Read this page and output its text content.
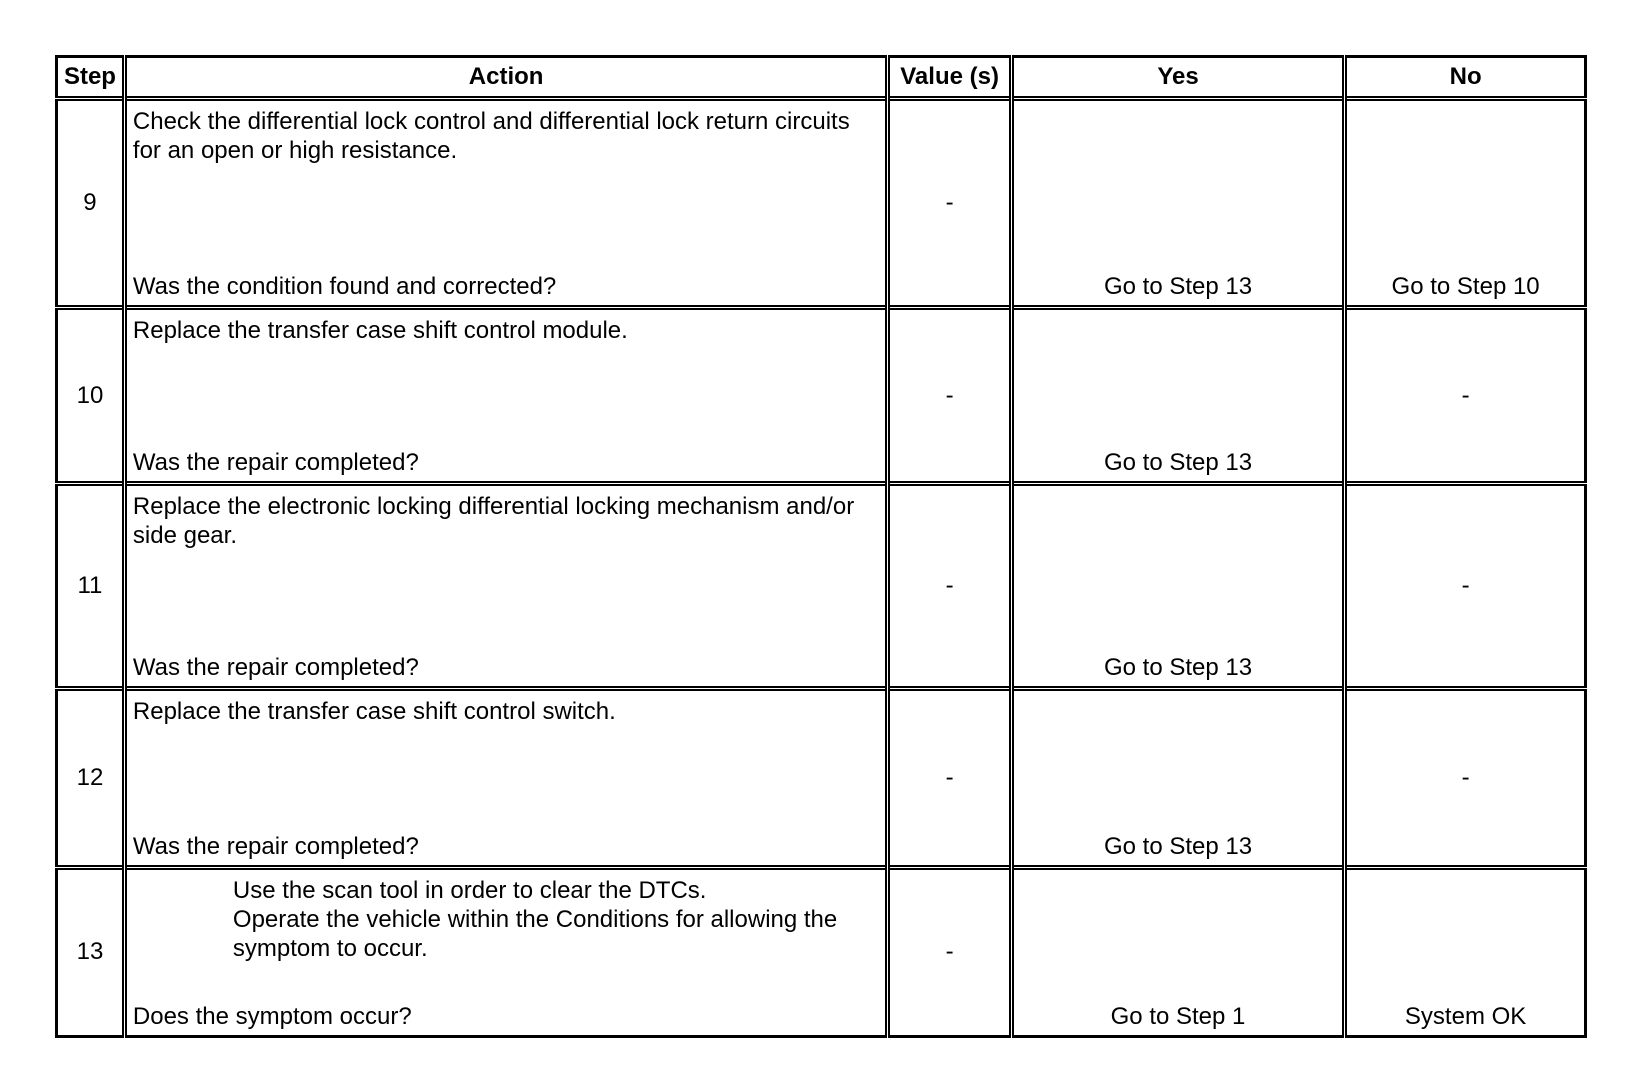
Step	Action	Value (s)	Yes	No

9	Check the differential lock control and differential lock return circuits
for an open or high resistance.
Was the condition found and corrected?	-	Go to Step 13	Go to Step 10

10	Replace the transfer case shift control module.
Was the repair completed?	-	Go to Step 13	-

11	Replace the electronic locking differential locking mechanism and/or
side gear.
Was the repair completed?	-	Go to Step 13	-

12	Replace the transfer case shift control switch.
Was the repair completed?	-	Go to Step 13	-

13	Use the scan tool in order to clear the DTCs.
Operate the vehicle within the Conditions for allowing the
symptom to occur.
Does the symptom occur?	-	Go to Step 1	System OK
